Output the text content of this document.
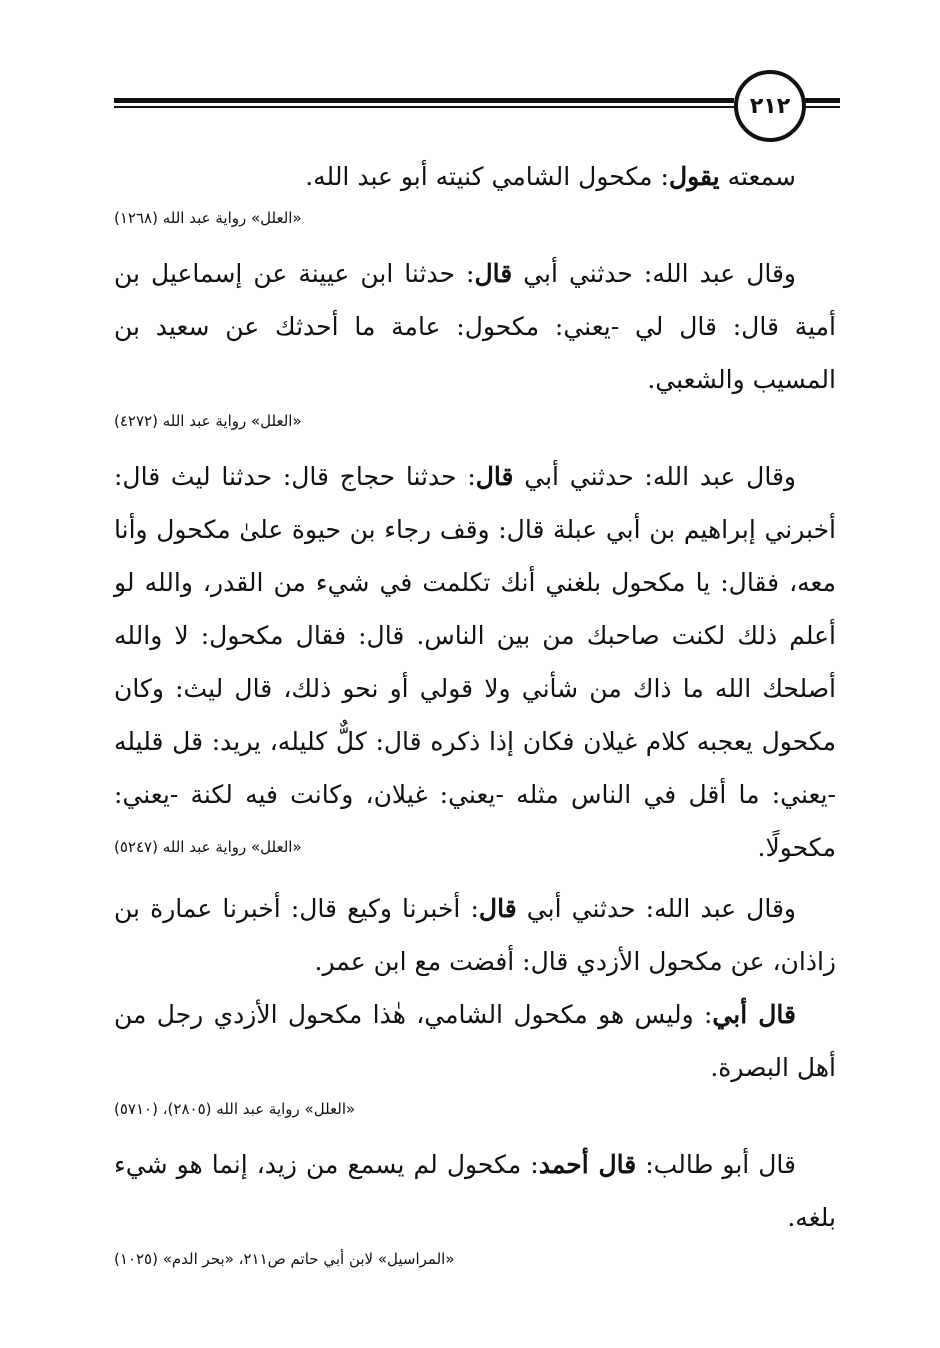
٢١٢

سمعته يقول: مكحول الشامي كنيته أبو عبد الله.

«العلل» رواية عبد الله (١٢٦٨)

وقال عبد الله: حدثني أبي قال: حدثنا ابن عيينة عن إسماعيل بن أمية قال: قال لي -يعني: مكحول: عامة ما أحدثك عن سعيد بن المسيب والشعبي.

«العلل» رواية عبد الله (٤٢٧٢)

وقال عبد الله: حدثني أبي قال: حدثنا حجاج قال: حدثنا ليث قال: أخبرني إبراهيم بن أبي عبلة قال: وقف رجاء بن حيوة علىٰ مكحول وأنا معه، فقال: يا مكحول بلغني أنك تكلمت في شيء من القدر، والله لو أعلم ذلك لكنت صاحبك من بين الناس. قال: فقال مكحول: لا والله أصلحك الله ما ذاك من شأني ولا قولي أو نحو ذلك، قال ليث: وكان مكحول يعجبه كلام غيلان فكان إذا ذكره قال: كلٌّ كليله، يريد: قل قليله -يعني: ما أقل في الناس مثله -يعني: غيلان، وكانت فيه لكنة -يعني: مكحولًا.
«العلل» رواية عبد الله (٥٢٤٧)

وقال عبد الله: حدثني أبي قال: أخبرنا وكيع قال: أخبرنا عمارة بن زاذان، عن مكحول الأزدي قال: أفضت مع ابن عمر.

قال أبي: وليس هو مكحول الشامي، هٰذا مكحول الأزدي رجل من أهل البصرة.

«العلل» رواية عبد الله (٢٨٠٥)، (٥٧١٠)

قال أبو طالب: قال أحمد: مكحول لم يسمع من زيد، إنما هو شيء بلغه.

«المراسيل» لابن أبي حاتم ص٢١١، «بحر الدم» (١٠٢٥)
